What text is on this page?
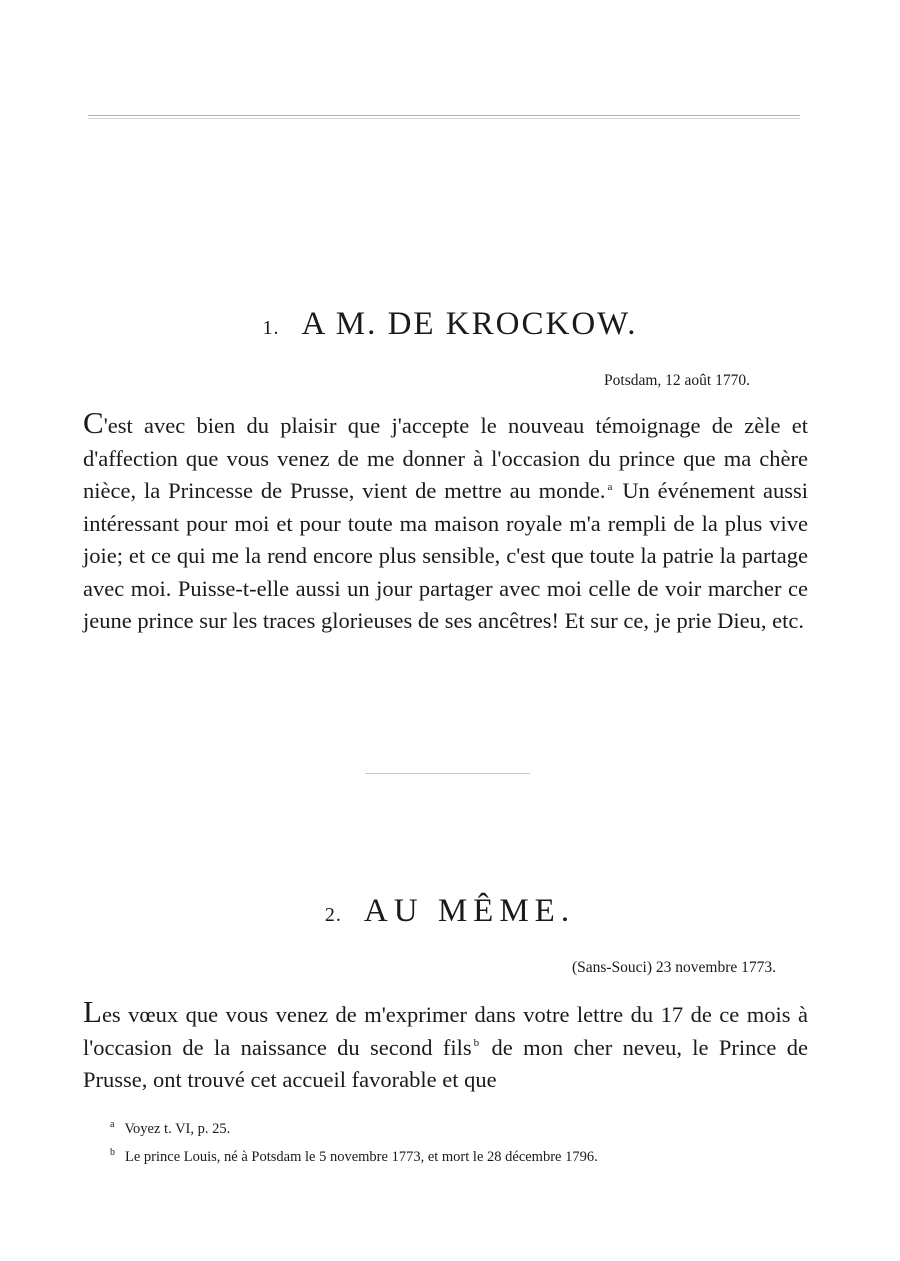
1. A M. DE KROCKOW.
Potsdam, 12 août 1770.

C'est avec bien du plaisir que j'accepte le nouveau témoignage de zèle et d'affection que vous venez de me donner à l'occasion du prince que ma chère nièce, la Princesse de Prusse, vient de mettre au monde. $^a$ Un événement aussi intéressant pour moi et pour toute ma maison royale m'a rempli de la plus vive joie; et ce qui me la rend encore plus sensible, c'est que toute la patrie la partage avec moi. Puisse-t-elle aussi un jour partager avec moi celle de voir marcher ce jeune prince sur les traces glorieuses de ses ancêtres! Et sur ce, je prie Dieu, etc.

2. AU MÊME.
(Sans-Souci) 23 novembre 1773.

Les vœux que vous venez de m'exprimer dans votre lettre du 17 de ce mois à l'occasion de la naissance du second fils $^b$ de mon cher neveu, le Prince de Prusse, ont trouvé cet accueil favorable et que

$^a$ Voyez t. VI, p. 25.
$^b$ Le prince Louis, né à Potsdam le 5 novembre 1773, et mort le 28 décembre 1796.
